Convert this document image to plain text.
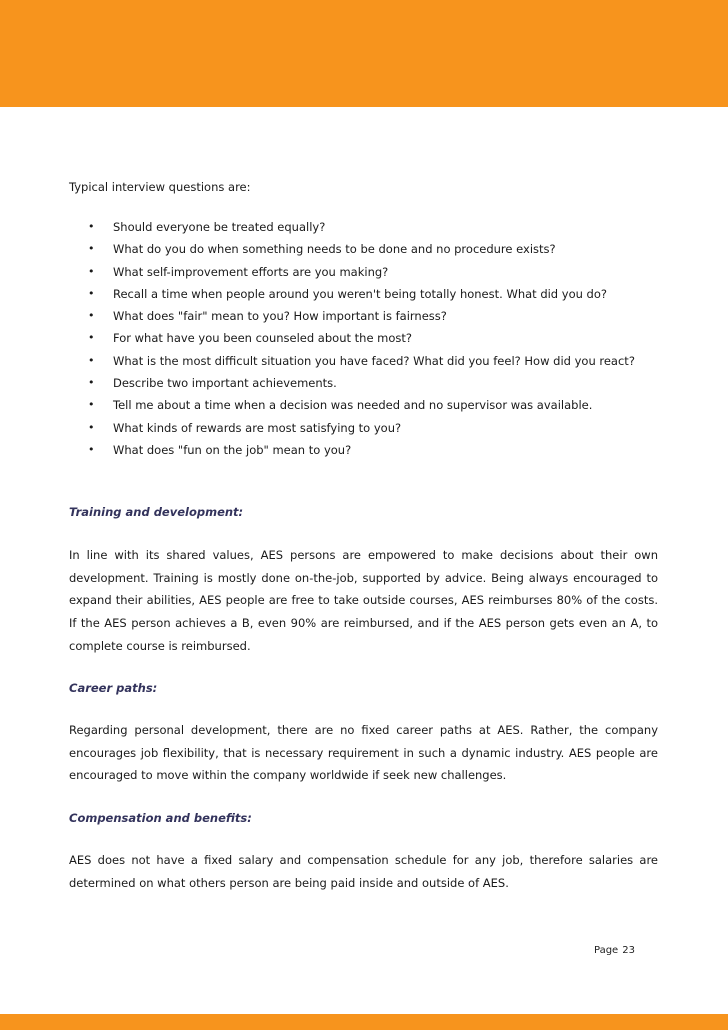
Typical interview questions are:

• Should everyone be treated equally?
• What do you do when something needs to be done and no procedure exists?
• What self-improvement efforts are you making?
• Recall a time when people around you weren't being totally honest. What did you do?
• What does "fair" mean to you? How important is fairness?
• For what have you been counseled about the most?
• What is the most difficult situation you have faced? What did you feel? How did you react?
• Describe two important achievements.
• Tell me about a time when a decision was needed and no supervisor was available.
• What kinds of rewards are most satisfying to you?
• What does "fun on the job" mean to you?
Training and development:

In line with its shared values, AES persons are empowered to make decisions about their own development. Training is mostly done on-the-job, supported by advice. Being always encouraged to expand their abilities, AES people are free to take outside courses, AES reimburses 80% of the costs. If the AES person achieves a B, even 90% are reimbursed, and if the AES person gets even an A, to complete course is reimbursed.

Career paths:

Regarding personal development, there are no fixed career paths at AES. Rather, the company encourages job flexibility, that is necessary requirement in such a dynamic industry. AES people are encouraged to move within the company worldwide if seek new challenges.

Compensation and benefits:

AES does not have a fixed salary and compensation schedule for any job, therefore salaries are determined on what others person are being paid inside and outside of AES.

Page 23
